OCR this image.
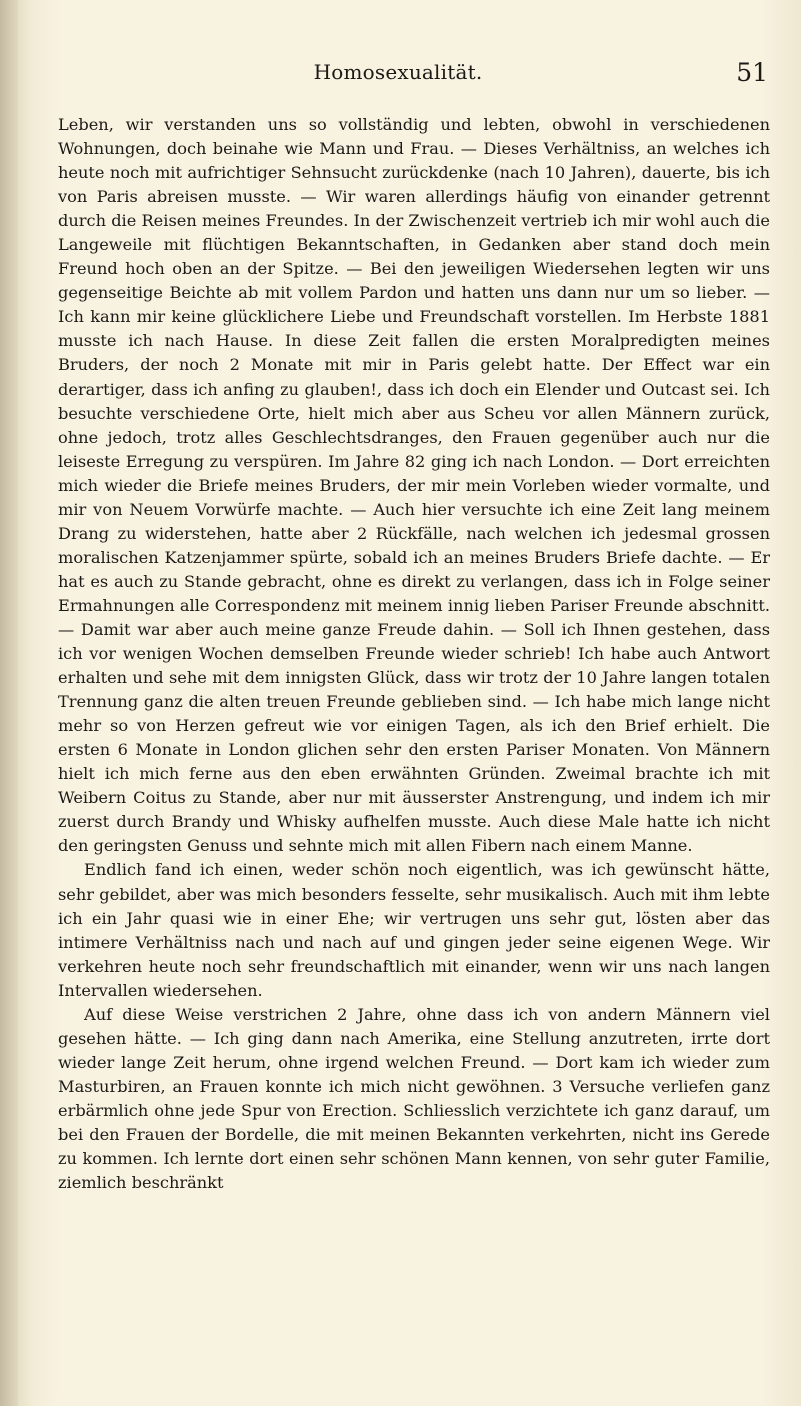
Homosexualität.	51

Leben, wir verstanden uns so vollständig und lebten, obwohl in verschiedenen Wohnungen, doch beinahe wie Mann und Frau. — Dieses Verhältniss, an welches ich heute noch mit aufrichtiger Sehnsucht zurückdenke (nach 10 Jahren), dauerte, bis ich von Paris abreisen musste. — Wir waren allerdings häufig von einander getrennt durch die Reisen meines Freundes. In der Zwischenzeit vertrieb ich mir wohl auch die Langeweile mit flüchtigen Bekanntschaften, in Gedanken aber stand doch mein Freund hoch oben an der Spitze. — Bei den jeweiligen Wiedersehen legten wir uns gegenseitige Beichte ab mit vollem Pardon und hatten uns dann nur um so lieber. — Ich kann mir keine glücklichere Liebe und Freundschaft vorstellen. Im Herbste 1881 musste ich nach Hause. In diese Zeit fallen die ersten Moralpredigten meines Bruders, der noch 2 Monate mit mir in Paris gelebt hatte. Der Effect war ein derartiger, dass ich anfing zu glauben!, dass ich doch ein Elender und Outcast sei. Ich besuchte verschiedene Orte, hielt mich aber aus Scheu vor allen Männern zurück, ohne jedoch, trotz alles Geschlechtsdranges, den Frauen gegenüber auch nur die leiseste Erregung zu verspüren. Im Jahre 82 ging ich nach London. — Dort erreichten mich wieder die Briefe meines Bruders, der mir mein Vorleben wieder vormalte, und mir von Neuem Vorwürfe machte. — Auch hier versuchte ich eine Zeit lang meinem Drang zu widerstehen, hatte aber 2 Rückfälle, nach welchen ich jedesmal grossen moralischen Katzenjammer spürte, sobald ich an meines Bruders Briefe dachte. — Er hat es auch zu Stande gebracht, ohne es direkt zu verlangen, dass ich in Folge seiner Ermahnungen alle Correspondenz mit meinem innig lieben Pariser Freunde abschnitt. — Damit war aber auch meine ganze Freude dahin. — Soll ich Ihnen gestehen, dass ich vor wenigen Wochen demselben Freunde wieder schrieb! Ich habe auch Antwort erhalten und sehe mit dem innigsten Glück, dass wir trotz der 10 Jahre langen totalen Trennung ganz die alten treuen Freunde geblieben sind. — Ich habe mich lange nicht mehr so von Herzen gefreut wie vor einigen Tagen, als ich den Brief erhielt. Die ersten 6 Monate in London glichen sehr den ersten Pariser Monaten. Von Männern hielt ich mich ferne aus den eben erwähnten Gründen. Zweimal brachte ich mit Weibern Coitus zu Stande, aber nur mit äusserster Anstrengung, und indem ich mir zuerst durch Brandy und Whisky aufhelfen musste. Auch diese Male hatte ich nicht den geringsten Genuss und sehnte mich mit allen Fibern nach einem Manne.

Endlich fand ich einen, weder schön noch eigentlich, was ich gewünscht hätte, sehr gebildet, aber was mich besonders fesselte, sehr musikalisch. Auch mit ihm lebte ich ein Jahr quasi wie in einer Ehe; wir vertrugen uns sehr gut, lösten aber das intimere Verhältniss nach und nach auf und gingen jeder seine eigenen Wege. Wir verkehren heute noch sehr freundschaftlich mit einander, wenn wir uns nach langen Intervallen wiedersehen.

Auf diese Weise verstrichen 2 Jahre, ohne dass ich von andern Männern viel gesehen hätte. — Ich ging dann nach Amerika, eine Stellung anzutreten, irrte dort wieder lange Zeit herum, ohne irgend welchen Freund. — Dort kam ich wieder zum Masturbiren, an Frauen konnte ich mich nicht gewöhnen. 3 Versuche verliefen ganz erbärmlich ohne jede Spur von Erection. Schliesslich verzichtete ich ganz darauf, um bei den Frauen der Bordelle, die mit meinen Bekannten verkehrten, nicht ins Gerede zu kommen. Ich lernte dort einen sehr schönen Mann kennen, von sehr guter Familie, ziemlich beschränkt
